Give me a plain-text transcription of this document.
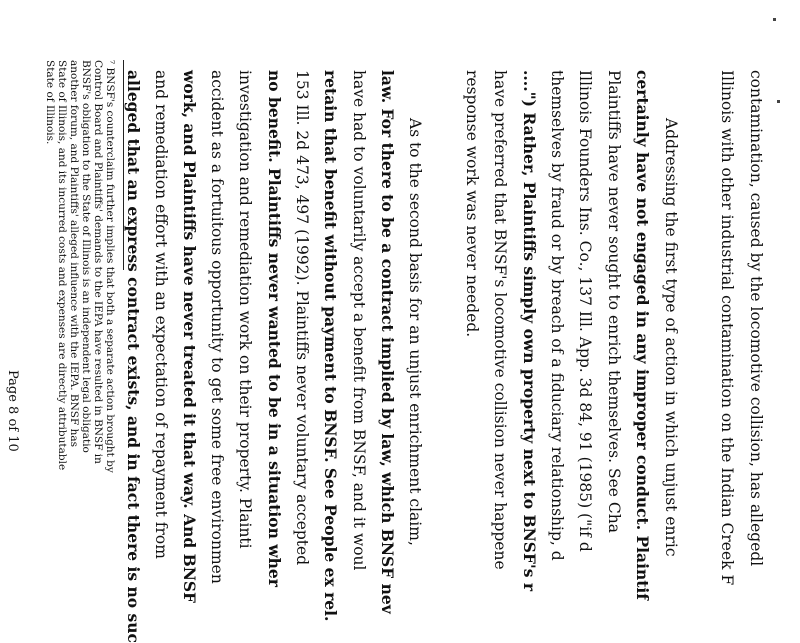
contamination, caused by the locomotive collision, has allegedl
Illinois with other industrial contamination on the Indian Creek F
Addressing the first type of action in which unjust enric
certainly have not engaged in any improper conduct. Plaintif
Plaintiffs have never sought to enrich themselves. See Cha
Illinois Founders Ins. Co., 137 Ill. App. 3d 84, 91 (1985) ("if d
themselves by fraud or by breach of a fiduciary relationship, d
....") Rather, Plaintiffs simply own property next to BNSF's r
have preferred that BNSF's locomotive collision never happene
response work was never needed.
As to the second basis for an unjust enrichment claim,
law. For there to be a contract implied by law, which BNSF nev
have had to voluntarily accept a benefit from BNSF, and it woul
retain that benefit without payment to BNSF. See People ex rel.
153 Ill. 2d 473, 497 (1992). Plaintiffs never voluntary accepted
no benefit. Plaintiffs never wanted to be in a situation wher
investigation and remediation work on their property. Plainti
accident as a fortuitous opportunity to get some free environmen
work, and Plaintiffs have never treated it that way. And BNSF
and remediation effort with an expectation of repayment from
alleged that an express contract exists, and in fact there is no suc
⁷ BNSF's counterclaim further implies that both a separate action brought by
Control Board and Plaintiffs' demands to the IEPA have resulted in BNSF in
BNSF's obligation to the State of Illinois is an independent legal obligatio
another forum, and Plaintiffs' alleged influence with the IEPA. BNSF has
State of Illinois, and its incurred costs and expenses are directly attributable
State of Illinois.
Page 8 of 10
